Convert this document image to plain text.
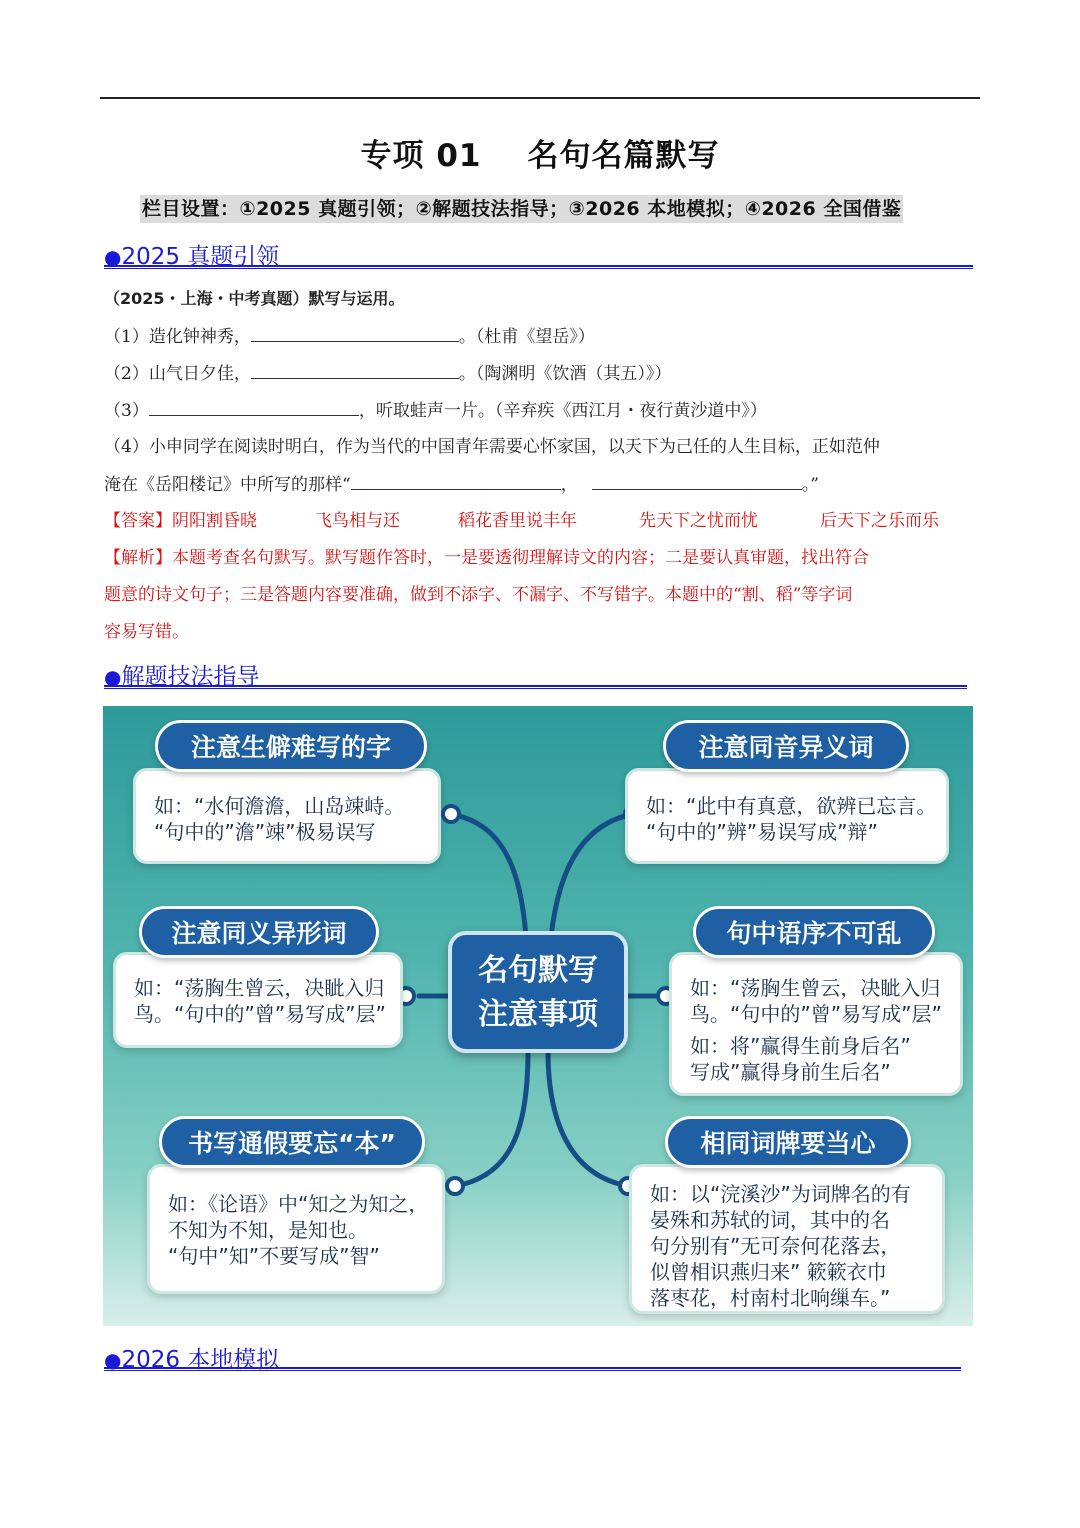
专项 01 名句名篇默写
栏目设置：①2025 真题引领；②解题技法指导；③2026 本地模拟；④2026 全国借鉴
●2025 真题引领
（2025・上海・中考真题）默写与运用。
（1）造化钟神秀，	。（杜甫《望岳》）
（2）山气日夕佳，	。（陶渊明《饮酒（其五）》）
（3）	，听取蛙声一片。（辛弃疾《西江月・夜行黄沙道中》）
（4）小申同学在阅读时明白，作为当代的中国青年需要心怀家国，以天下为己任的人生目标，正如范仲
淹在《岳阳楼记》中所写的那样“	，	。”
【答案】阴阳割昏晓	飞鸟相与还	稻花香里说丰年	先天下之忧而忧	后天下之乐而乐
【解析】本题考查名句默写。默写题作答时，一是要透彻理解诗文的内容；二是要认真审题，找出符合
题意的诗文句子；三是答题内容要准确，做到不添字、不漏字、不写错字。本题中的“割、稻”等字词
容易写错。
●解题技法指导
名句默写
注意事项

如：“水何澹澹，山岛竦峙。

“句中的”澹”竦”极易误写

注意生僻难写的字

如：“此中有真意，欲辨已忘言。

“句中的”辨”易误写成”辩”

注意同音异义词

如：“荡胸生曾云，决眦入归

鸟。“句中的”曾”易写成”层”

注意同义异形词

如：“荡胸生曾云，决眦入归

鸟。“句中的”曾”易写成”层”

如：将”赢得生前身后名”

写成”赢得身前生后名”

句中语序不可乱

如：《论语》中“知之为知之，

不知为不知，是知也。

“句中”知”不要写成”智”

书写通假要忘“本”

如：以“浣溪沙”为词牌名的有

晏殊和苏轼的词，其中的名

句分别有”无可奈何花落去，

似曾相识燕归来” 簌簌衣巾

落枣花，村南村北响缫车。”

相同词牌要当心
●2026 本地模拟
